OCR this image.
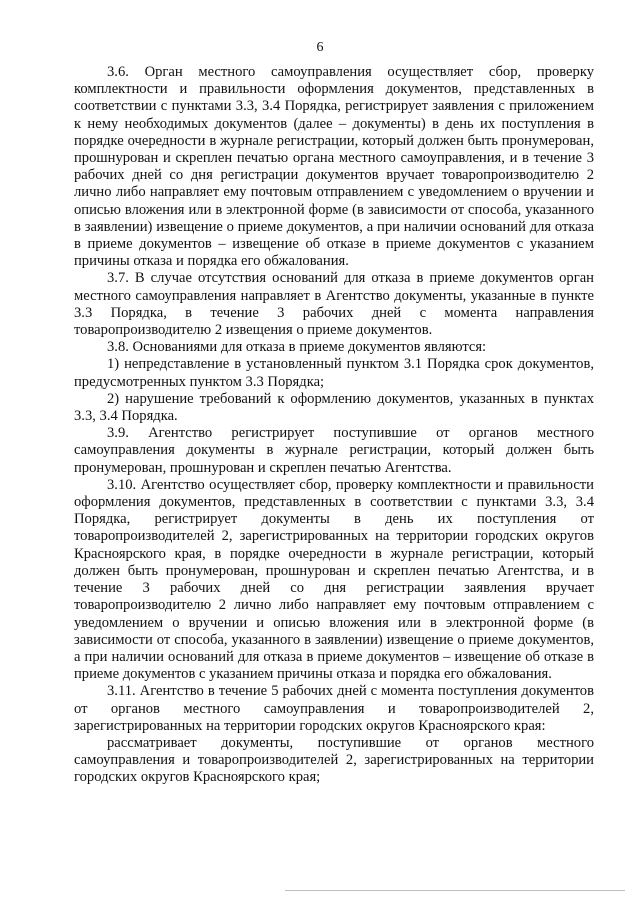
6

3.6. Орган местного самоуправления осуществляет сбор, проверку комплектности и правильности оформления документов, представленных в соответствии с пунктами 3.3, 3.4 Порядка, регистрирует заявления с приложением к нему необходимых документов (далее – документы) в день их поступления в порядке очередности в журнале регистрации, который должен быть пронумерован, прошнурован и скреплен печатью органа местного самоуправления, и в течение 3 рабочих дней со дня регистрации документов вручает товаропроизводителю 2 лично либо направляет ему почтовым отправлением с уведомлением о вручении и описью вложения или в электронной форме (в зависимости от способа, указанного в заявлении) извещение о приеме документов, а при наличии оснований для отказа в приеме документов – извещение об отказе в приеме документов с указанием причины отказа и порядка его обжалования.

3.7. В случае отсутствия оснований для отказа в приеме документов орган местного самоуправления направляет в Агентство документы, указанные в пункте 3.3 Порядка, в течение 3 рабочих дней с момента направления товаропроизводителю 2 извещения о приеме документов.

3.8. Основаниями для отказа в приеме документов являются:

1) непредставление в установленный пунктом 3.1 Порядка срок документов, предусмотренных пунктом 3.3 Порядка;

2) нарушение требований к оформлению документов, указанных в пунктах 3.3, 3.4 Порядка.

3.9. Агентство регистрирует поступившие от органов местного самоуправления документы в журнале регистрации, который должен быть пронумерован, прошнурован и скреплен печатью Агентства.

3.10. Агентство осуществляет сбор, проверку комплектности и правильности оформления документов, представленных в соответствии с пунктами 3.3, 3.4 Порядка, регистрирует документы в день их поступления от товаропроизводителей 2, зарегистрированных на территории городских округов Красноярского края, в порядке очередности в журнале регистрации, который должен быть пронумерован, прошнурован и скреплен печатью Агентства, и в течение 3 рабочих дней со дня регистрации заявления вручает товаропроизводителю 2 лично либо направляет ему почтовым отправлением с уведомлением о вручении и описью вложения или в электронной форме (в зависимости от способа, указанного в заявлении) извещение о приеме документов, а при наличии оснований для отказа в приеме документов – извещение об отказе в приеме документов с указанием причины отказа и порядка его обжалования.

3.11. Агентство в течение 5 рабочих дней с момента поступления документов от органов местного самоуправления и товаропроизводителей 2, зарегистрированных на территории городских округов Красноярского края:

рассматривает документы, поступившие от органов местного самоуправления и товаропроизводителей 2, зарегистрированных на территории городских округов Красноярского края;
